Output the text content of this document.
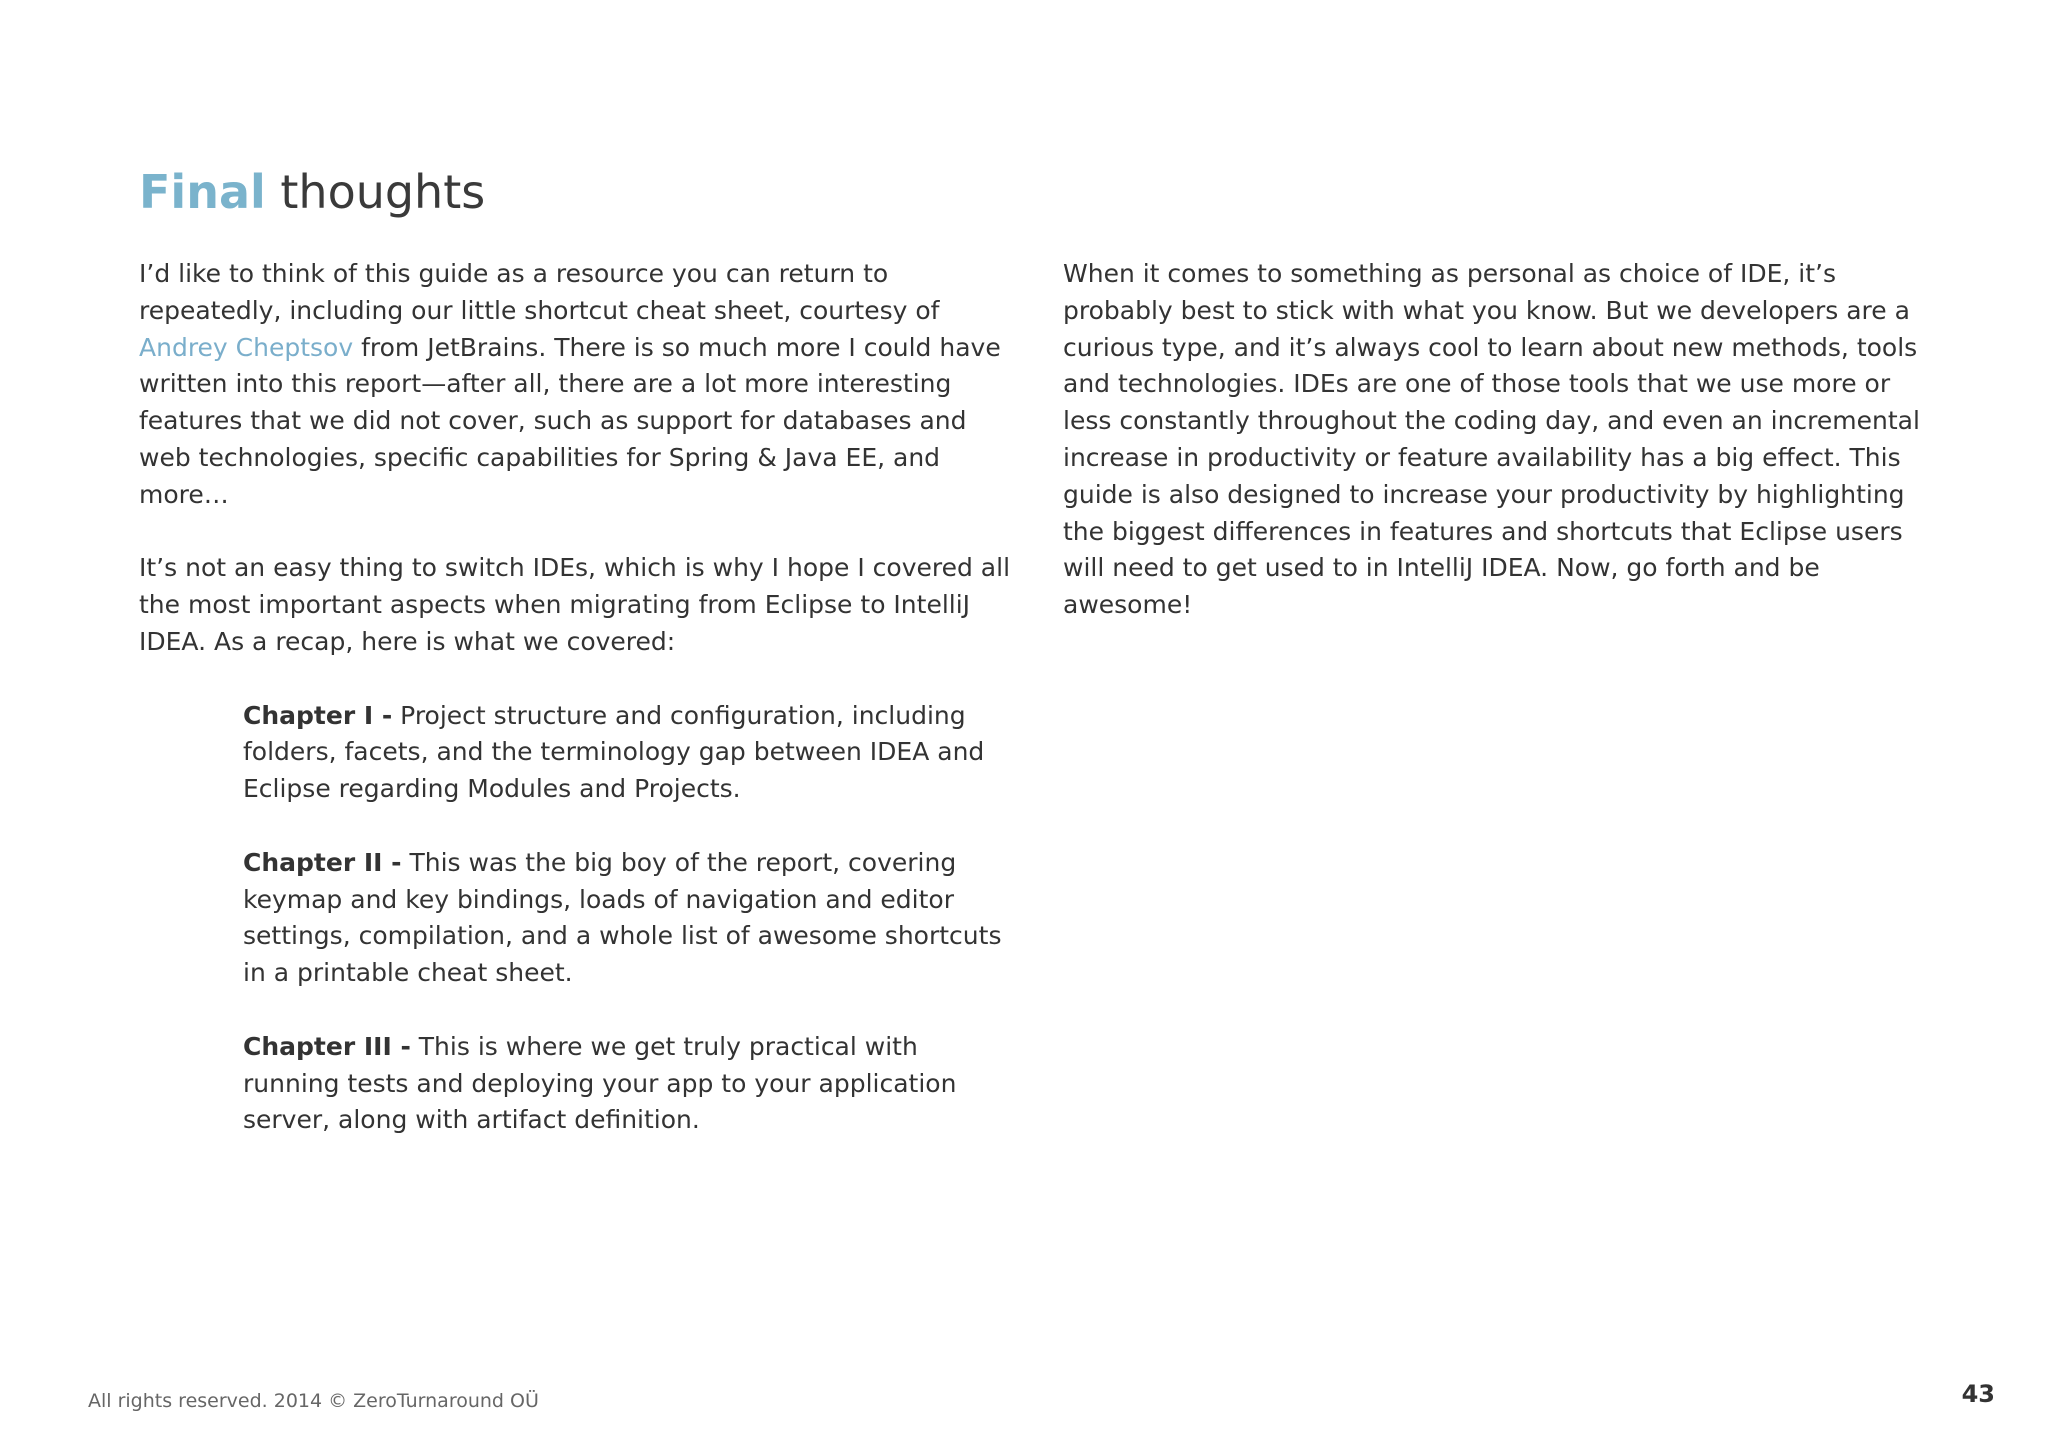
Final thoughts

I’d like to think of this guide as a resource you can return to repeatedly, including our little shortcut cheat sheet, courtesy of Andrey Cheptsov from JetBrains. There is so much more I could have written into this report—after all, there are a lot more interesting features that we did not cover, such as support for databases and web technologies, specific capabilities for Spring & Java EE, and more…

It’s not an easy thing to switch IDEs, which is why I hope I covered all the most important aspects when migrating from Eclipse to IntelliJ IDEA. As a recap, here is what we covered:

Chapter I - Project structure and configuration, including folders, facets, and the terminology gap between IDEA and Eclipse regarding Modules and Projects.

Chapter II - This was the big boy of the report, covering keymap and key bindings, loads of navigation and editor settings, compilation, and a whole list of awesome shortcuts in a printable cheat sheet.

Chapter III - This is where we get truly practical with running tests and deploying your app to your application server, along with artifact definition.

When it comes to something as personal as choice of IDE, it’s probably best to stick with what you know. But we developers are a curious type, and it’s always cool to learn about new methods, tools and technologies. IDEs are one of those tools that we use more or less constantly throughout the coding day, and even an incremental increase in productivity or feature availability has a big effect. This guide is also designed to increase your productivity by highlighting the biggest differences in features and shortcuts that Eclipse users will need to get used to in IntelliJ IDEA. Now, go forth and be awesome!

All rights reserved. 2014 © ZeroTurnaround OÜ	43
